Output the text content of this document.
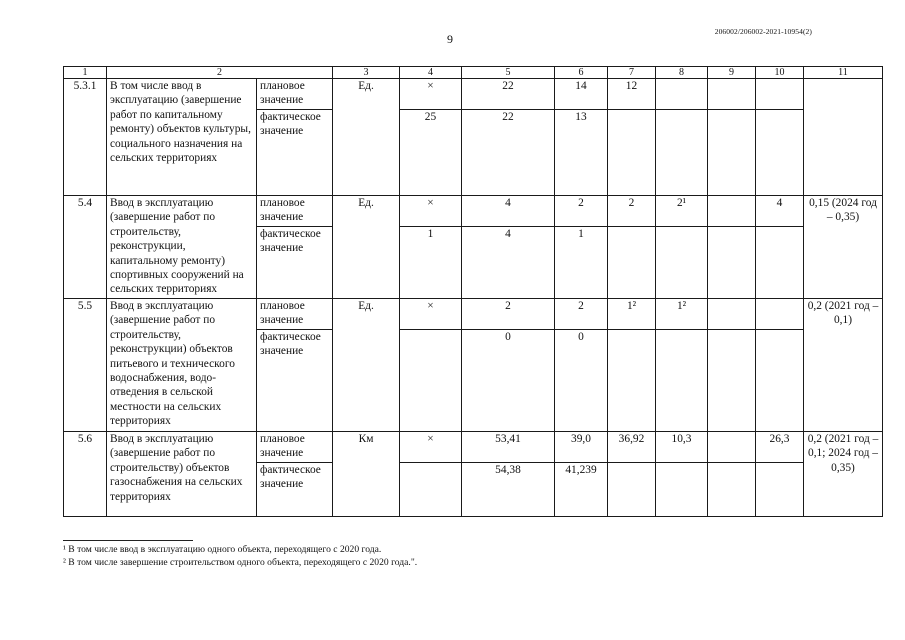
9
206002/206002-2021-10954(2)
1	2		3	4	5	6	7	8	9	10	11
5.3.1	В том числе ввод в эксплуатацию (завершение работ по капитальному ремонту) объектов культуры, социального назначения на сельских территориях	плановое значение	Ед.	×	22	14	12				
		фактическое значение		25	22	13					
5.4	Ввод в эксплуатацию (завершение работ по строительству, реконструкции, капитальному ремонту) спортивных сооружений на сельских территориях	плановое значение	Ед.	×	4	2	2	2¹		4	0,15 (2024 год – 0,35)
		фактическое значение		1	4	1					
5.5	Ввод в эксплуатацию (завершение работ по строительству, реконструкции) объектов питьевого и технического водоснабжения, водо-отведения в сельской местности на сельских территориях	плановое значение	Ед.	×	2	2	1²	1²			0,2 (2021 год – 0,1)
		фактическое значение			0	0					
5.6	Ввод в эксплуатацию (завершение работ по строительству) объектов газоснабжения на сельских территориях	плановое значение	Км	×	53,41	39,0	36,92	10,3		26,3	0,2 (2021 год – 0,1; 2024 год – 0,35)
		фактическое значение			54,38	41,239					
¹ В том числе ввод в эксплуатацию одного объекта, переходящего с 2020 года.
² В том числе завершение строительством одного объекта, переходящего с 2020 года.".
